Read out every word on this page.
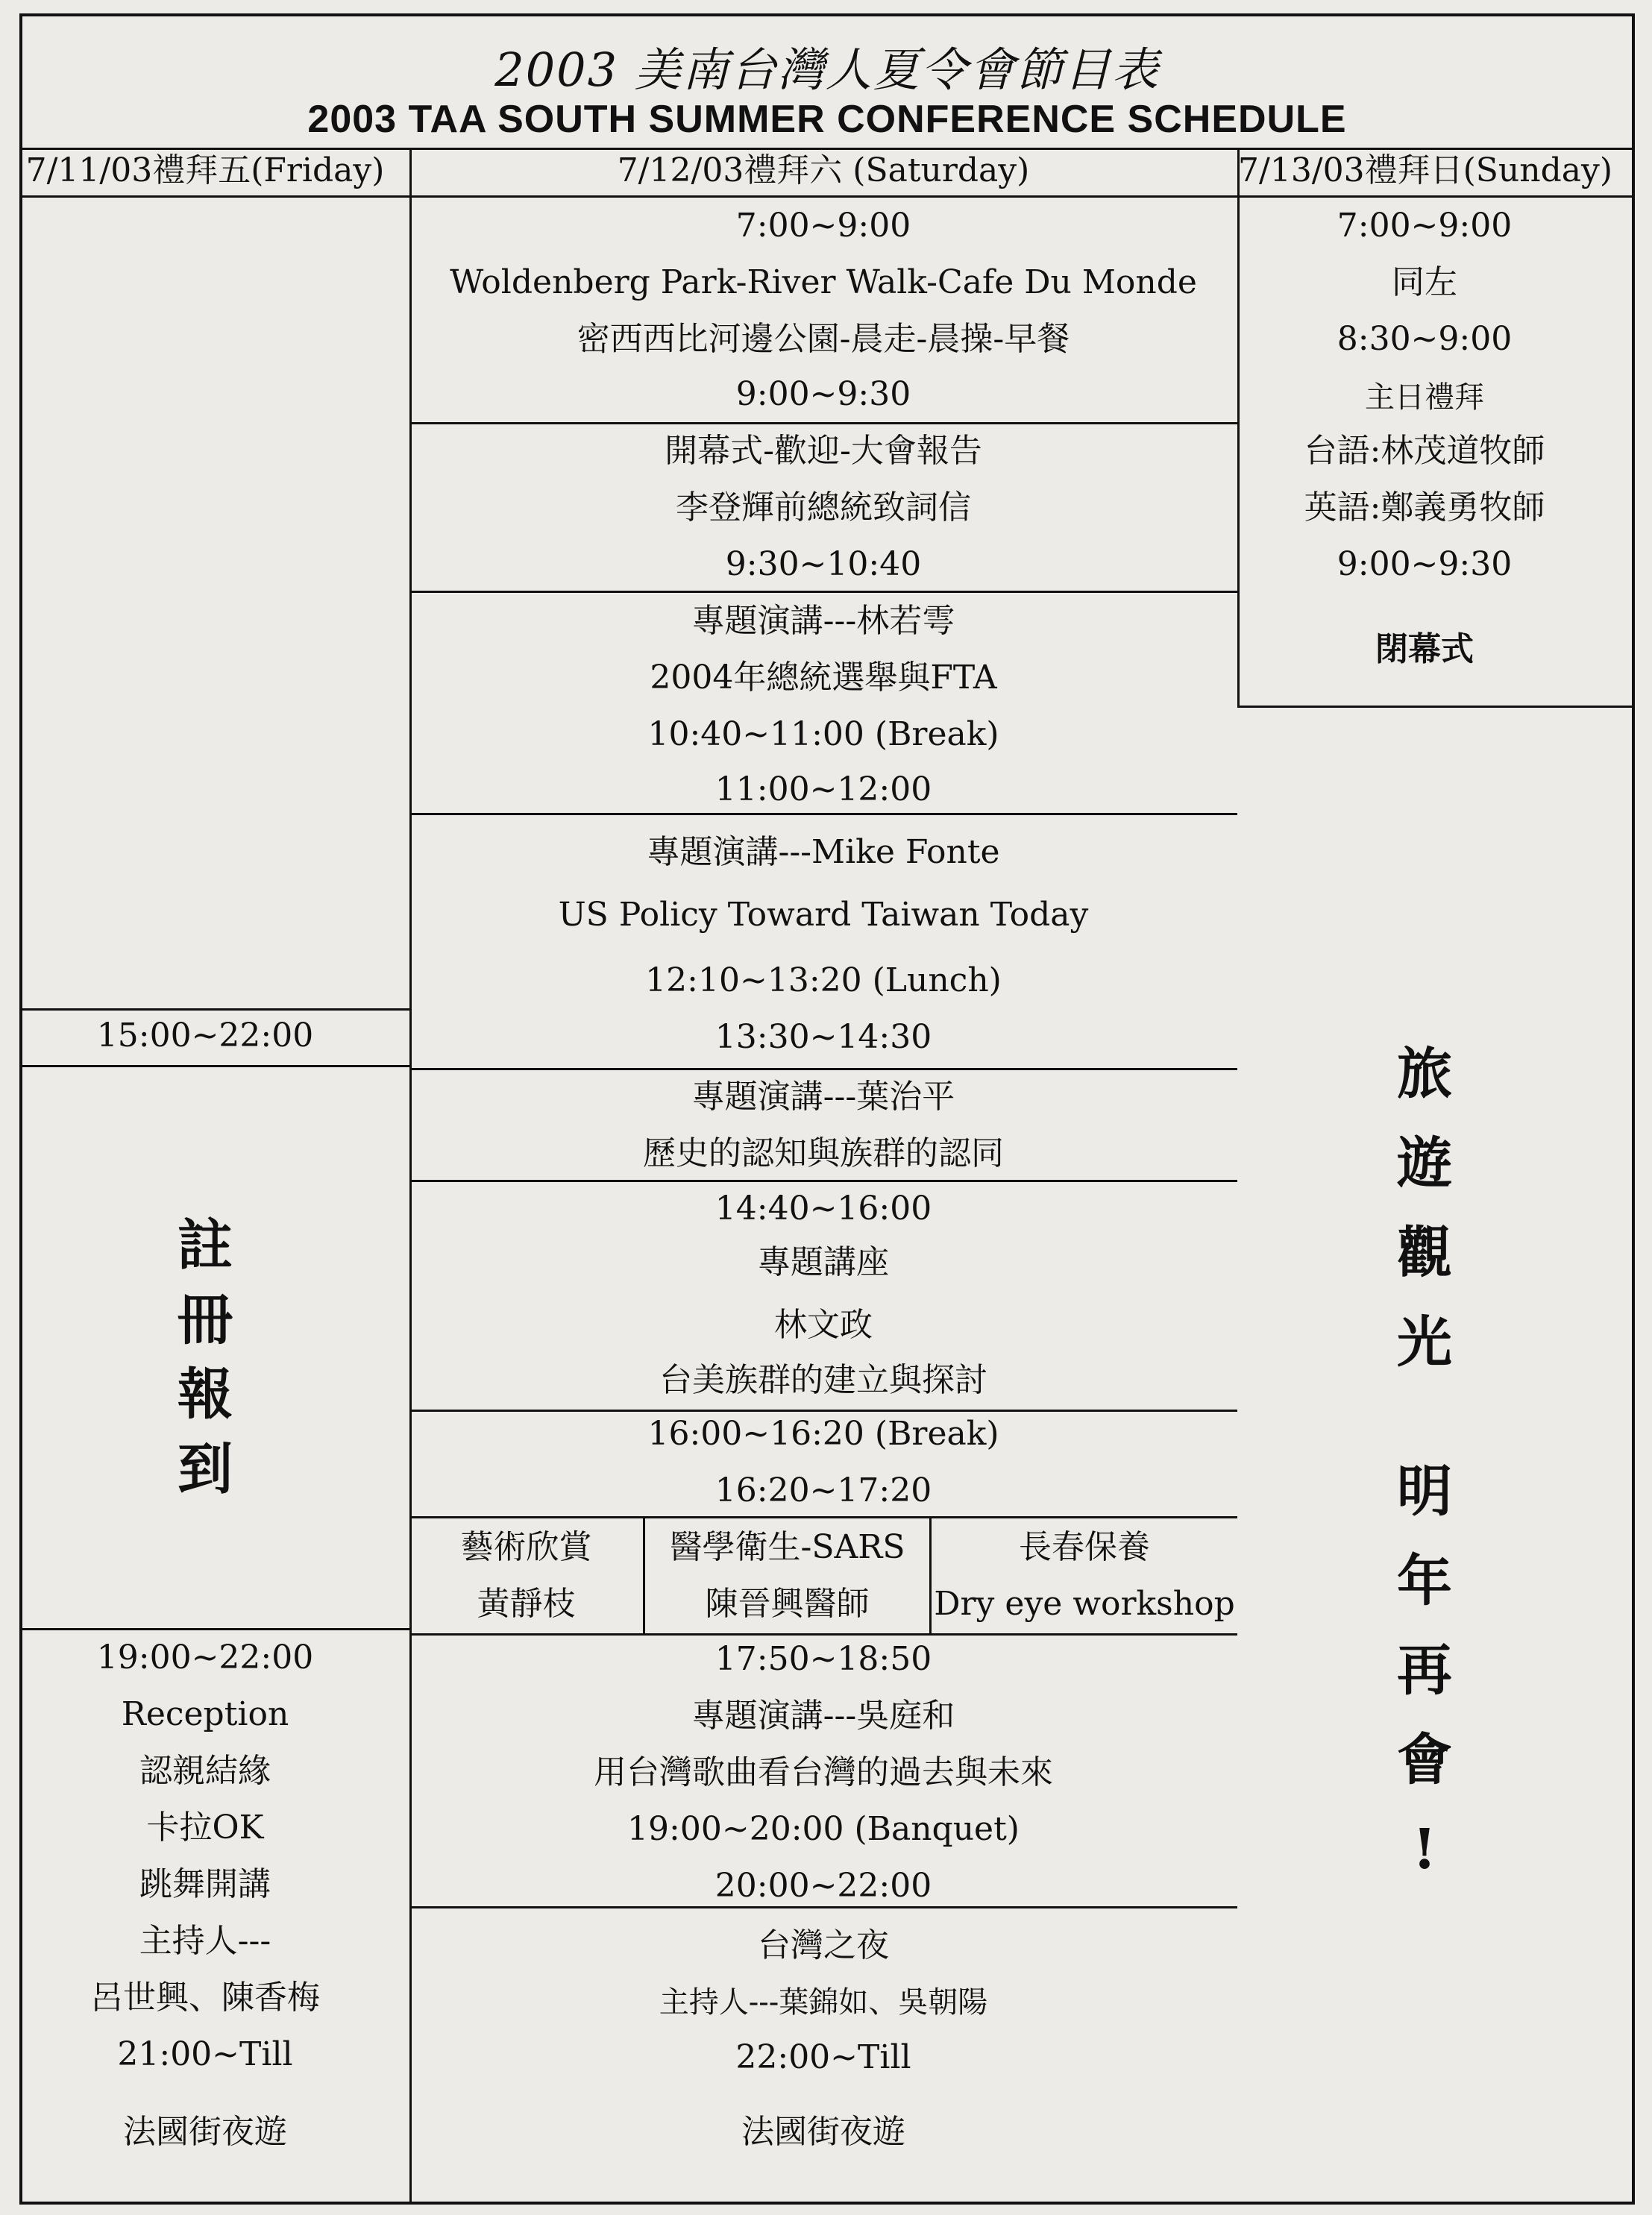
2003 美南台灣人夏令會節目表
2003 TAA SOUTH SUMMER CONFERENCE SCHEDULE
7/11/03禮拜五(Friday)
15:00~22:00
註
冊
報
到
19:00~22:00
Reception
認親結緣
卡拉OK
跳舞開講
主持人---
呂世興、陳香梅
21:00~Till
法國街夜遊
7/12/03禮拜六 (Saturday)
7:00~9:00
Woldenberg Park-River Walk-Cafe Du Monde
密西西比河邊公園-晨走-晨操-早餐
9:00~9:30
開幕式-歡迎-大會報告
李登輝前總統致詞信
9:30~10:40
專題演講---林若雩
2004年總統選舉與FTA
10:40~11:00 (Break)
11:00~12:00
專題演講---Mike Fonte
US Policy Toward Taiwan Today
12:10~13:20 (Lunch)
13:30~14:30
專題演講---葉治平
歷史的認知與族群的認同
14:40~16:00
專題講座
林文政
台美族群的建立與探討
16:00~16:20 (Break)
16:20~17:20
藝術欣賞
黃靜枝
醫學衛生-SARS
陳晉興醫師
長春保養
Dry eye workshop
17:50~18:50
專題演講---吳庭和
用台灣歌曲看台灣的過去與未來
19:00~20:00 (Banquet)
20:00~22:00
台灣之夜
主持人---葉錦如、吳朝陽
22:00~Till
法國街夜遊
7/13/03禮拜日(Sunday)
7:00~9:00
同左
8:30~9:00
主日禮拜
台語:林茂道牧師
英語:鄭義勇牧師
9:00~9:30
閉幕式
旅
遊
觀
光
明
年
再
會
!
